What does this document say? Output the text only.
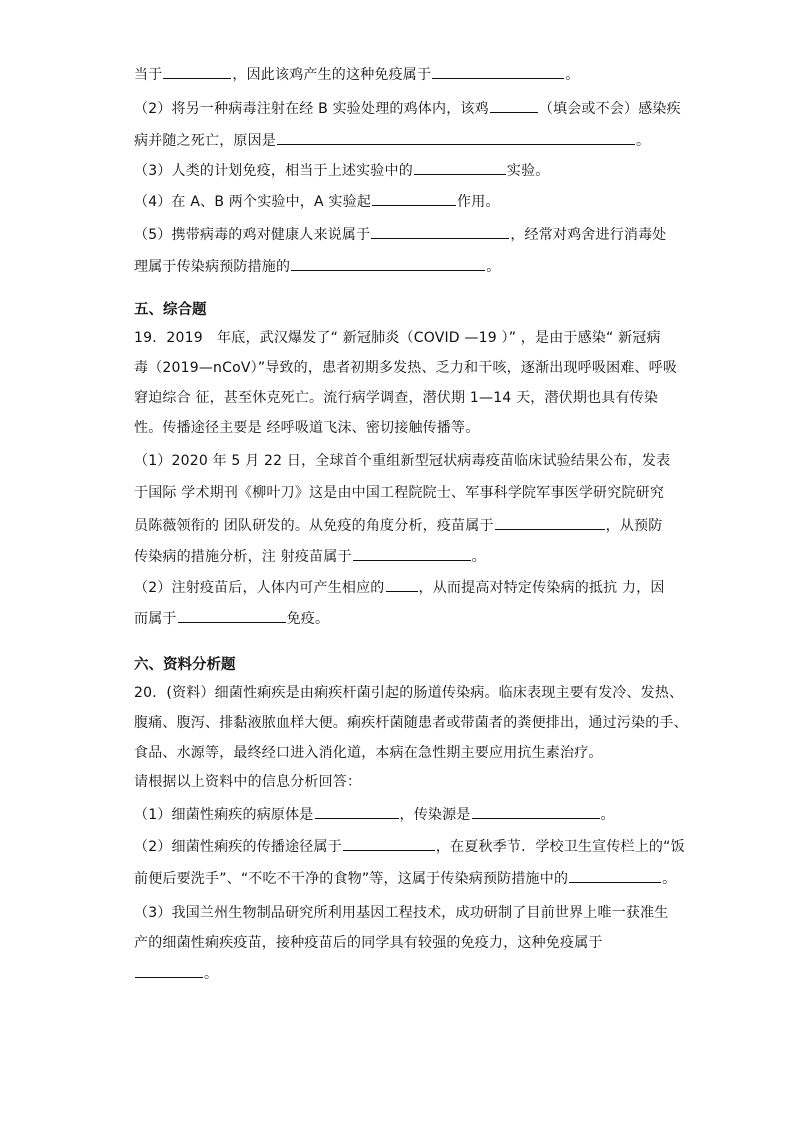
当于	，因此该鸡产生的这种免疫属于	。
（2）将另一种病毒注射在经 B 实验处理的鸡体内，该鸡	（填会或不会）感染疾
病并随之死亡，原因是	。
（3）人类的计划免疫，相当于上述实验中的	实验。
（4）在 A、B 两个实验中，A 实验起	作用。
（5）携带病毒的鸡对健康人来说属于	，经常对鸡舍进行消毒处
理属于传染病预防措施的	。
五、综合题
19．2019　年底，武汉爆发了“ 新冠肺炎（COVID —19 ）” ，是由于感染“ 新冠病
毒（2019—nCoV）”导致的，患者初期多发热、乏力和干咳，逐渐出现呼吸困难、呼吸
窘迫综合 征，甚至休克死亡。流行病学调查，潜伏期 1—14 天，潜伏期也具有传染
性。传播途径主要是 经呼吸道飞沫、密切接触传播等。
（1）2020 年 5 月 22 日，全球首个重组新型冠状病毒疫苗临床试验结果公布，发表
于国际 学术期刊《柳叶刀》这是由中国工程院院士、军事科学院军事医学研究院研究
员陈薇领衔的 团队研发的。从免疫的角度分析，疫苗属于	，从预防
传染病的措施分析，注 射疫苗属于	。
（2）注射疫苗后，人体内可产生相应的 ，从而提高对特定传染病的抵抗 力，因
而属于	免疫。
六、资料分析题
20．(资料）细菌性痢疾是由痢疾杆菌引起的肠道传染病。临床表现主要有发冷、发热、
腹痛、腹泻、排黏液脓血样大便。痢疾杆菌随患者或带菌者的粪便排出，通过污染的手、
食品、水源等，最终经口进入消化道，本病在急性期主要应用抗生素治疗。
请根据以上资料中的信息分析回答：
（1）细菌性痢疾的病原体是	，传染源是	。
（2）细菌性痢疾的传播途径属于	，在夏秋季节．学校卫生宣传栏上的“饭
前便后要洗手”、“不吃不干净的食物”等，这属于传染病预防措施中的	。
（3）我国兰州生物制品研究所利用基因工程技术，成功研制了目前世界上唯一获准生
产的细菌性痢疾疫苗，接种疫苗后的同学具有较强的免疫力，这种免疫属于
。
